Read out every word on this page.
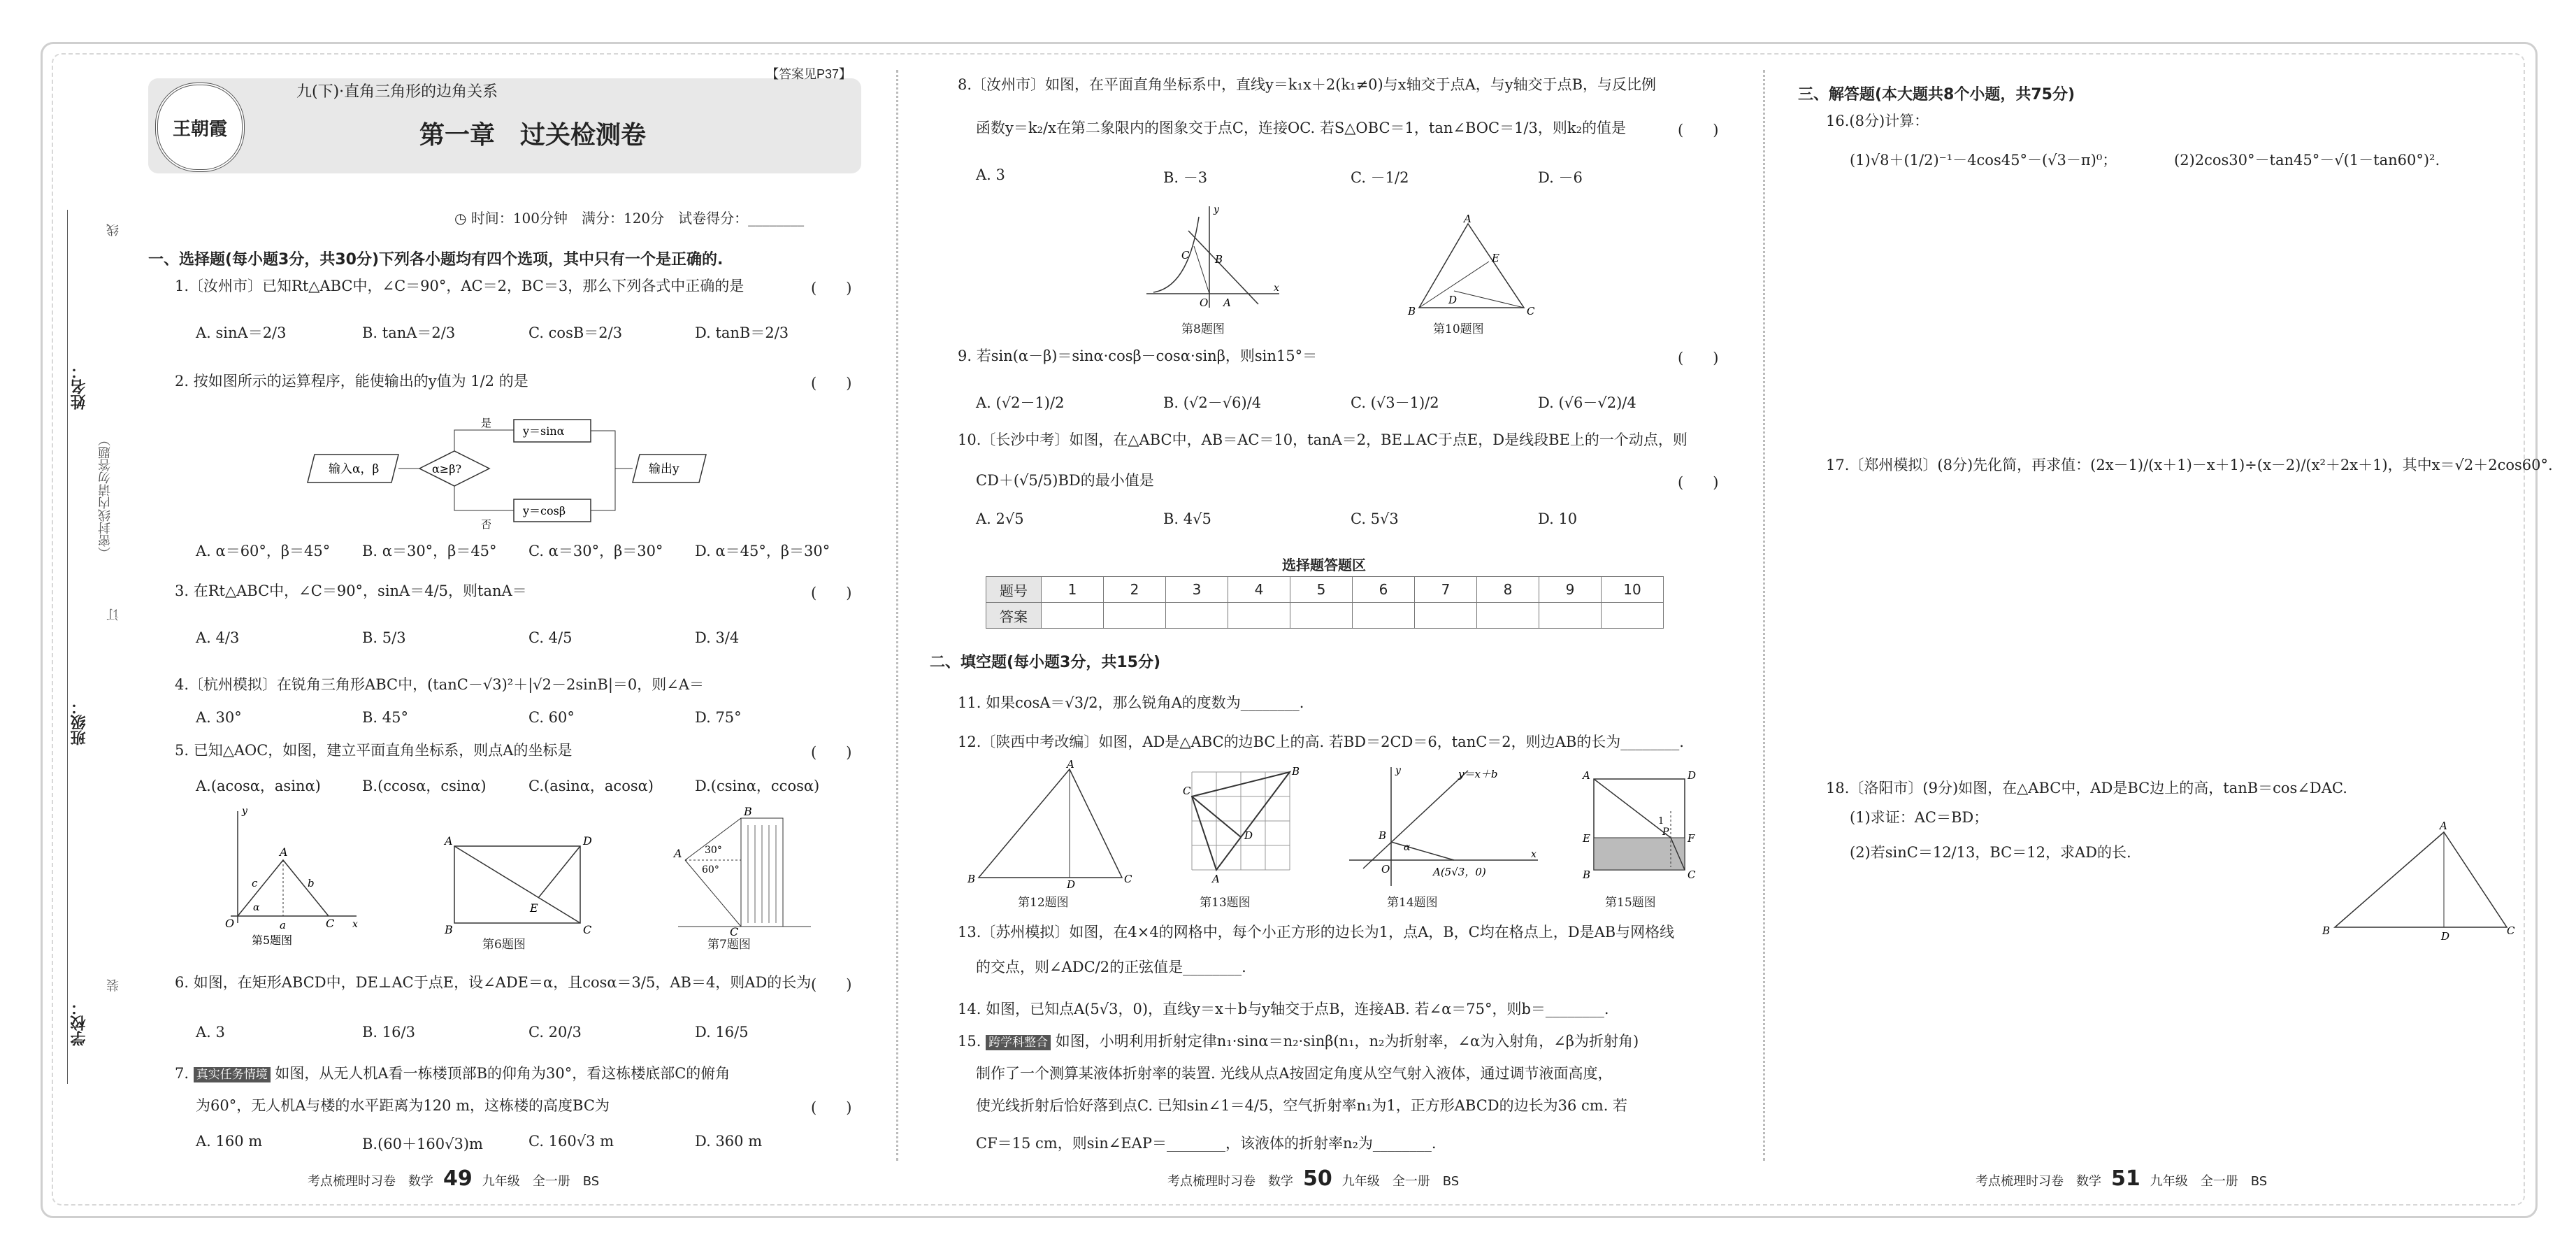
学校：
班级：
姓名：
（密封线内请勿答题）
装
订
线
王朝霞
九(下)·直角三角形的边角关系
【答案见P37】
第一章　过关检测卷
◷ 时间：100分钟　满分：120分　试卷得分：________
一、选择题(每小题3分，共30分)下列各小题均有四个选项，其中只有一个是正确的.
1.〔汝州市〕已知Rt△ABC中，∠C＝90°，AC＝2，BC＝3，那么下列各式中正确的是	(　　)
A. sinA＝2/3	B. tanA＝2/3	C. cosB＝2/3	D. tanB＝2/3
2. 按如图所示的运算程序，能使输出的y值为 1/2 的是	(　　)
输入α，β	α≥β?
是
否
y＝sinα
y＝cosβ
输出y
A. α＝60°，β＝45° B. α＝30°，β＝45° C. α＝30°，β＝30° D. α＝45°，β＝30°
3. 在Rt△ABC中，∠C＝90°，sinA＝4/5，则tanA＝	(　　)
A. 4/3	B. 5/3	C. 4/5	D. 3/4
4.〔杭州模拟〕在锐角三角形ABC中，(tanC－√3)²＋|√2－2sinB|＝0，则∠A＝
A. 30°	B. 45°	C. 60°	D. 75°
5. 已知△AOC，如图，建立平面直角坐标系，则点A的坐标是	(　　)
A.(acosα，asinα)	B.(ccosα，csinα)	C.(asinα，acosα)	D.(csinα，ccosα)
A
O	C
c	b
a
α
y
x
第5题图
A	D
B	C
E
第6题图
A
B
C
30°
60°
第7题图
6. 如图，在矩形ABCD中，DE⊥AC于点E，设∠ADE＝α，且cosα＝3/5，AB＝4，则AD的长为 (　　)
A. 3	B. 16/3	C. 20/3	D. 16/5
7. 真实任务情境 如图，从无人机A看一栋楼顶部B的仰角为30°，看这栋楼底部C的俯角
为60°，无人机A与楼的水平距离为120 m，这栋楼的高度BC为	(　　)
A. 160 m	B.(60＋160√3)m	C. 160√3 m	D. 360 m
考点梳理时习卷　数学 49 九年级　全一册　BS
8.〔汝州市〕如图，在平面直角坐标系中，直线y＝k₁x＋2(k₁≠0)与x轴交于点A，与y轴交于点B，与反比例
函数y＝k₂/x在第二象限内的图象交于点C，连接OC. 若S△OBC＝1，tan∠BOC＝1/3，则k₂的值是	(　　)
A. 3	B. －3	C. －1/2	D. －6
C B
O A
y
x
第8题图
A
B	C
E
D
第10题图
9. 若sin(α－β)＝sinα·cosβ－cosα·sinβ，则sin15°＝	(　　)
A. (√2－1)/2	B. (√2－√6)/4	C. (√3－1)/2	D. (√6－√2)/4
10.〔长沙中考〕如图，在△ABC中，AB＝AC＝10，tanA＝2，BE⊥AC于点E，D是线段BE上的一个动点，则
CD＋(√5/5)BD的最小值是	(　　)
A. 2√5	B. 4√5	C. 5√3	D. 10
选择题答题区
题号	1	2	3	4	5	6	7	8	9	10
答案										
二、填空题(每小题3分，共15分)
11. 如果cosA＝√3/2，那么锐角A的度数为________.
12.〔陕西中考改编〕如图，AD是△ABC的边BC上的高. 若BD＝2CD＝6，tanC＝2，则边AB的长为________.
A
B	C
D
第12题图
B
C
A
D
第13题图
B
O
α
A(5√3，0)
y＝x＋b
y
x
第14题图
A	D
E	F
B	C
P
1
第15题图
13.〔苏州模拟〕如图，在4×4的网格中，每个小正方形的边长为1，点A，B，C均在格点上，D是AB与网格线
的交点，则∠ADC/2的正弦值是________.
14. 如图，已知点A(5√3，0)，直线y＝x＋b与y轴交于点B，连接AB. 若∠α＝75°，则b＝________.
15. 跨学科整合 如图，小明利用折射定律n₁·sinα＝n₂·sinβ(n₁，n₂为折射率，∠α为入射角，∠β为折射角)
制作了一个测算某液体折射率的装置. 光线从点A按固定角度从空气射入液体，通过调节液面高度，
使光线折射后恰好落到点C. 已知sin∠1＝4/5，空气折射率n₁为1，正方形ABCD的边长为36 cm. 若
CF＝15 cm，则sin∠EAP＝________，该液体的折射率n₂为________.
考点梳理时习卷　数学 50 九年级　全一册　BS
三、解答题(本大题共8个小题，共75分)
16.(8分)计算：
(1)√8＋(1/2)⁻¹－4cos45°－(√3－π)⁰；	(2)2cos30°－tan45°－√(1－tan60°)².
17.〔郑州模拟〕(8分)先化简，再求值：(2x－1)/(x＋1)－x＋1)÷(x－2)/(x²＋2x＋1)，其中x＝√2＋2cos60°.
18.〔洛阳市〕(9分)如图，在△ABC中，AD是BC边上的高，tanB＝cos∠DAC.
(1)求证：AC＝BD；
(2)若sinC＝12/13，BC＝12，求AD的长.
A
B	C
D
考点梳理时习卷　数学 51 九年级　全一册　BS
